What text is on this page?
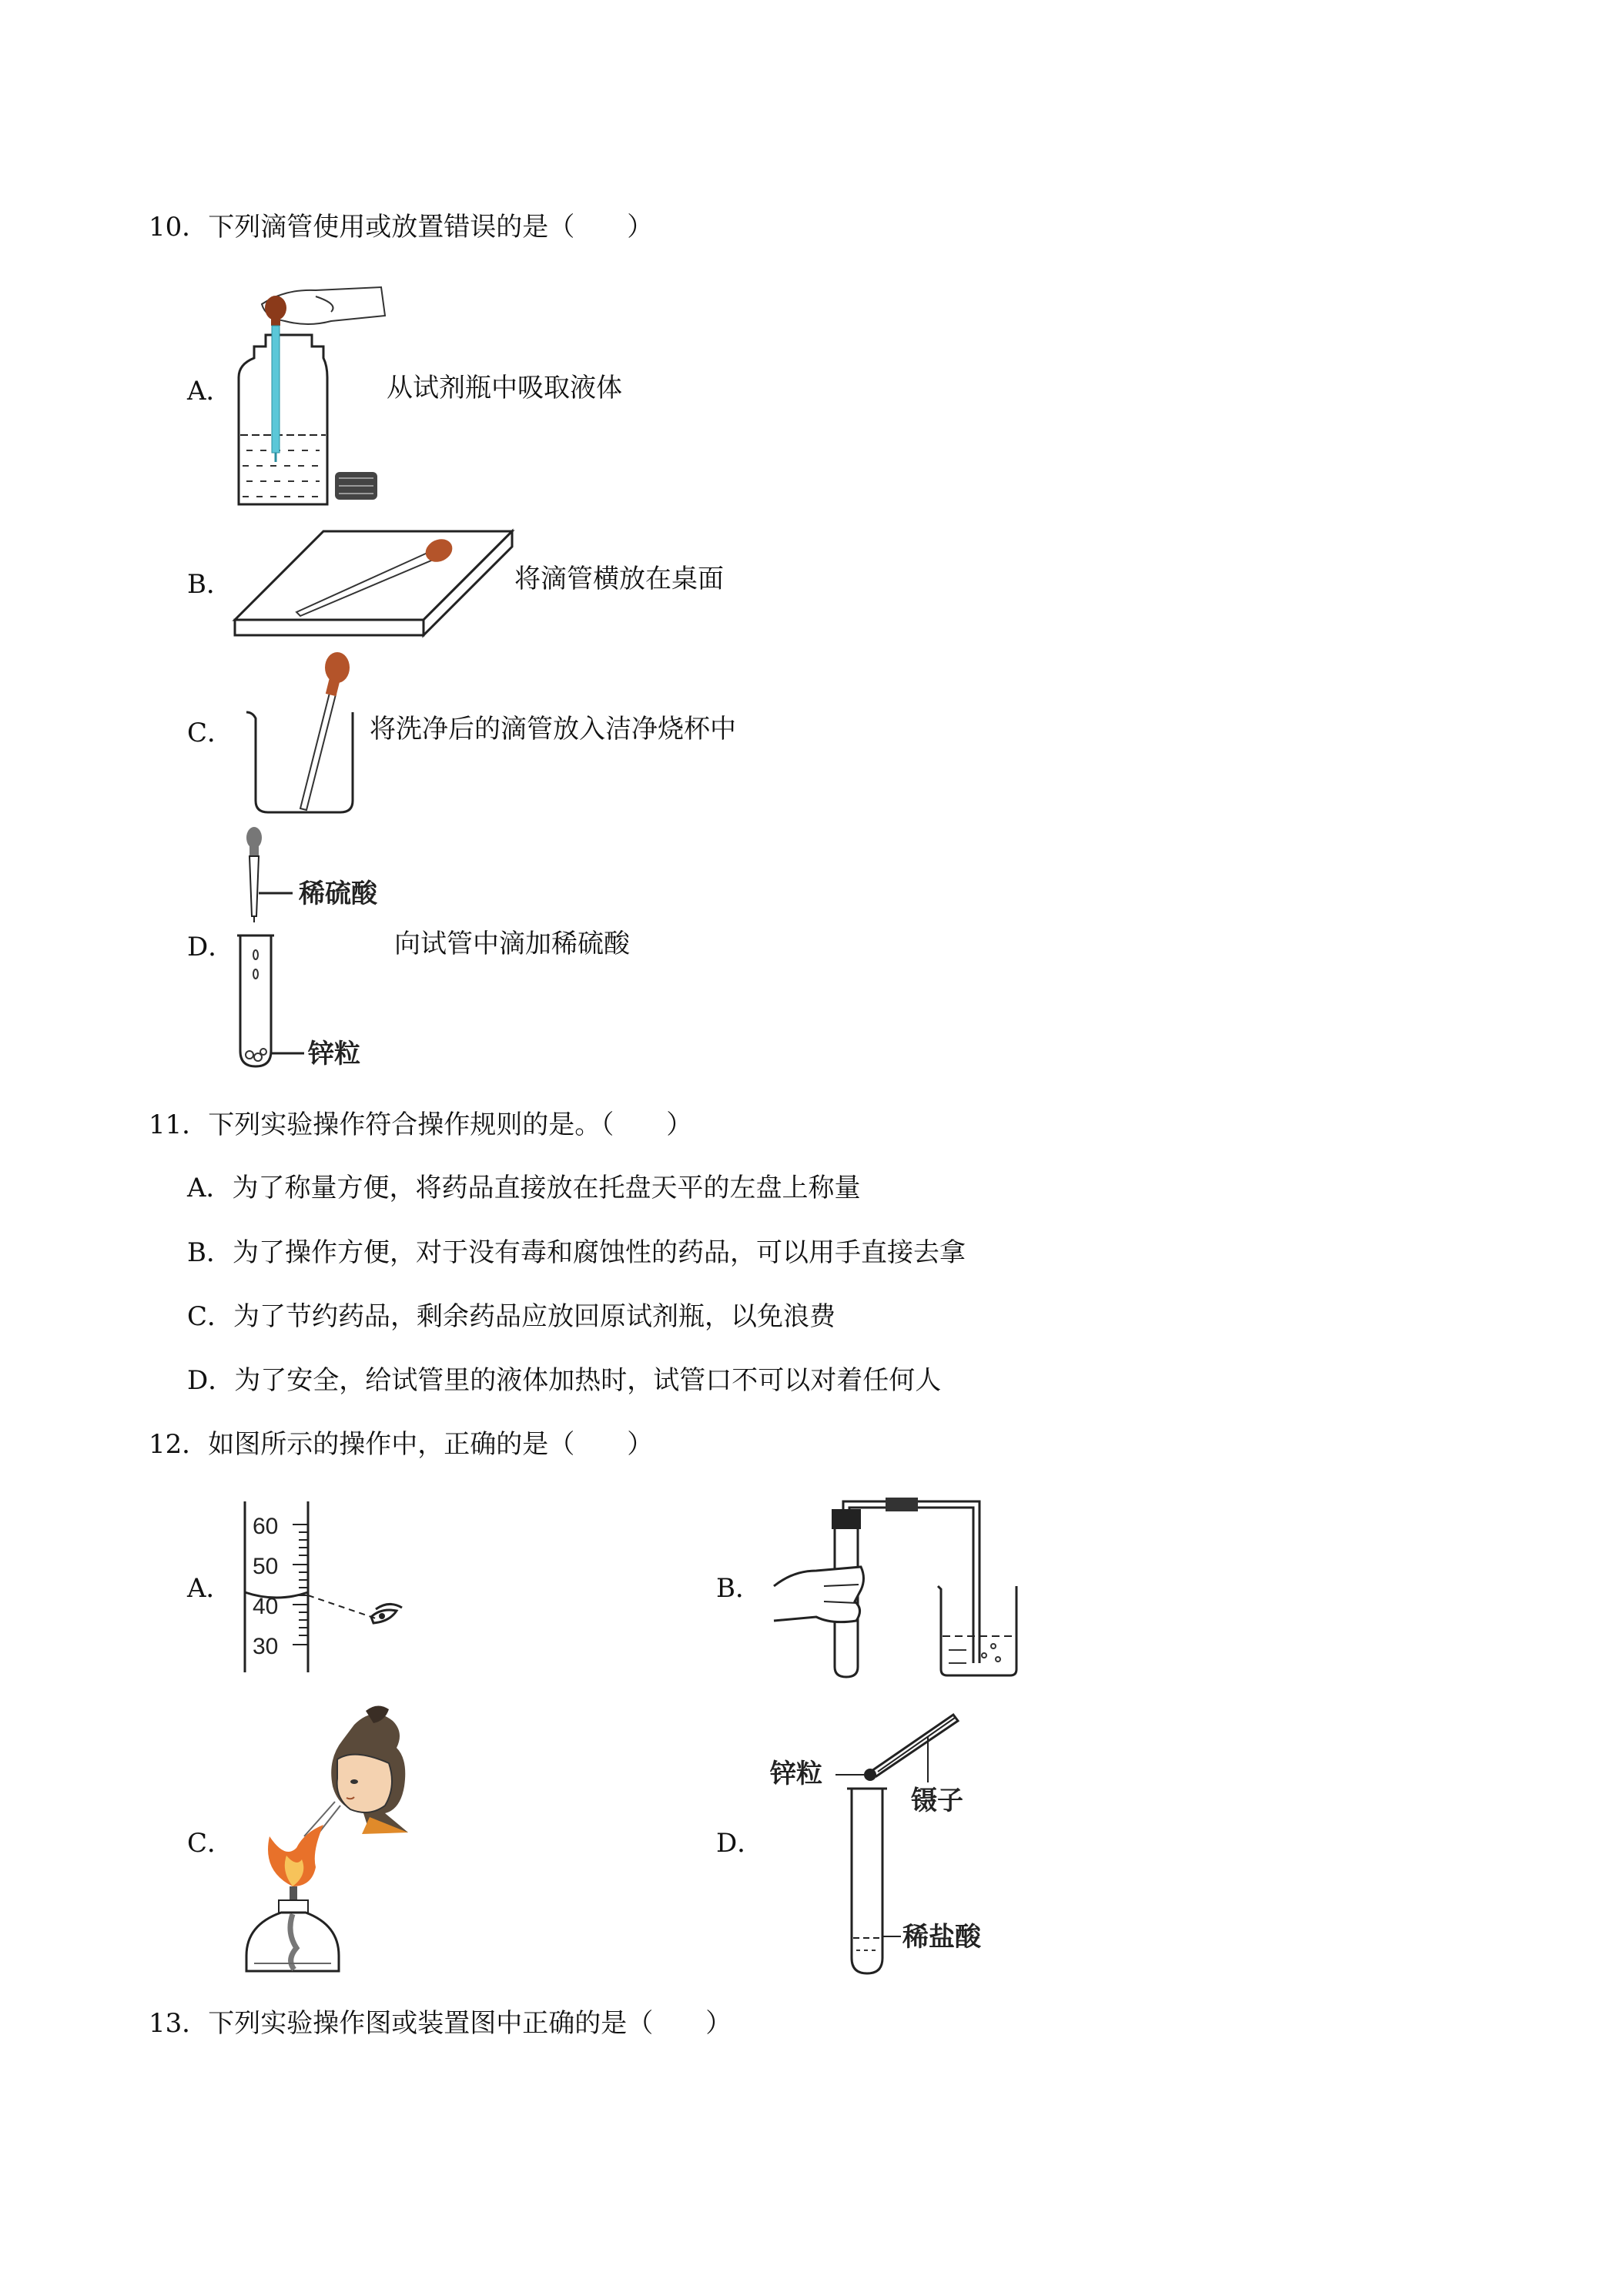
10．下列滴管使用或放置错误的是（　　）
A．	从试剂瓶中吸取液体
B．	将滴管横放在桌面
C．	将洗净后的滴管放入洁净烧杯中
D．
稀硫酸
锌粒
向试管中滴加稀硫酸
11．下列实验操作符合操作规则的是。（　　）
A．为了称量方便，将药品直接放在托盘天平的左盘上称量
B．为了操作方便，对于没有毒和腐蚀性的药品，可以用手直接去拿
C．为了节约药品，剩余药品应放回原试剂瓶，以免浪费
D．为了安全，给试管里的液体加热时，试管口不可以对着任何人
12．如图所示的操作中，正确的是（　　）
A．
60
50
40
30
B．
C．	D．
锌粒
镊子
稀盐酸
13．下列实验操作图或装置图中正确的是（　　）
